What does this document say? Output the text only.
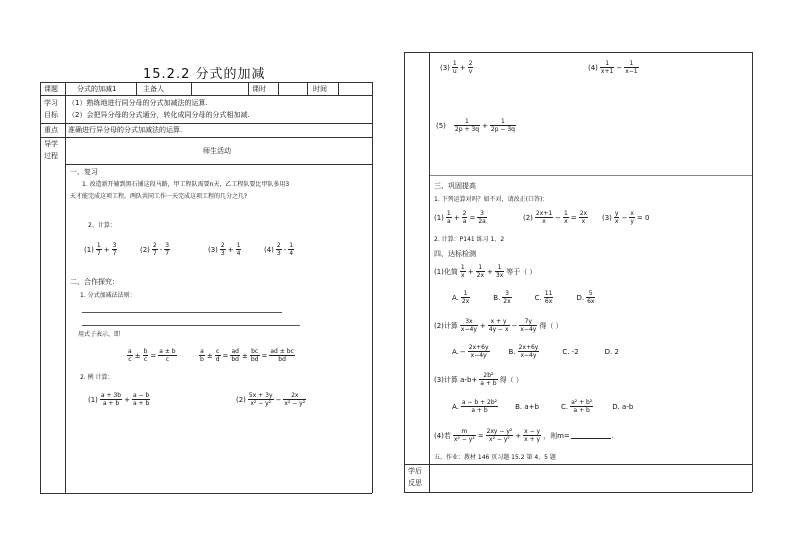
15.2.2 分式的加减
课题	分式的加减1	主备人	课时	时间
学习
目标
（1）熟练地进行同分母的分式加减法的运算.
（2）会把异分母的分式通分，转化成同分母的分式相加减.
重点 准确进行异分母的分式加减法的运算.
导学
过程
师生活动
一、复习
1. 改造新开辅到黑石铺这段马路，甲工程队需要n天，乙工程队要比甲队多用3
天才能完成这项工程，两队共同工作一天完成这项工程的几分之几?
2、计算：
$(1) \frac{1}{7} + \frac{3}{7}$	$(2) \frac{2}{7} - \frac{3}{7}$	$(3) \frac{2}{3} + \frac{1}{4}$	$(4) \frac{2}{3} - \frac{1}{4}$
二、合作探究：
1. 分式加减法法则：
用式子表示，即
$\frac{a}{c} \pm \frac{b}{c} = \frac{a \pm b}{c}$	$\frac{a}{b} \pm \frac{c}{d} = \frac{ad}{bd} \pm \frac{bc}{bd} = \frac{ad \pm bc}{bd}$
2. 例 计算：
$(1) \frac{a + 3b}{a + b} + \frac{a - b}{a + b}$	$(2) \frac{5x + 3y}{\text{x² − y²}} - \frac{2x}{\text{x² − y²}}$
$(3) \frac{1}{u} + \frac{2}{v}$	$(4) \frac{1}{x+1} - \frac{1}{x-1}$
$(5) \frac{1}{2p + 3q} + \frac{1}{2p - 3q}$
三、巩固提高
1. 下列运算对吗？如不对，请改正(口答)：
$(1) \frac{1}{a} + \frac{2}{a} = \frac{3}{2a}$	$(2) \frac{2x+1}{x} - \frac{1}{x} = \frac{2x}{x} (3) \frac{y}{x} - \frac{x}{y} = 0$
2. 计算：P141 练习 1、2
四、达标检测
(1)化简 $\frac{1}{x} + \frac{1}{2x} + \frac{1}{3x}$ 等于（ ）
A. $\frac{1}{2x}$	B. $\frac{3}{2x}$	C. $\frac{11}{6x}$	D. $\frac{5}{6x}$
(2)计算 $\frac{3x}{x-4y} + \frac{x + y}{4y - x} - \frac{7y}{x-4y}$ 得（ ）
A. − $\frac{2x+6y}{x-4y}$	B. $\frac{2x+6y}{x-4y}$	C. -2	D. 2
(3)计算 $a-b+ \frac{\text{2b²}}{a + b}$ 得（ ）
A. $\frac{\text{a − b + 2b²}}{a + b} B$. a+b	C. $\frac{\text{a² + b²}}{a + b}$	D. a-b
(4)若 $\frac{m}{\text{x² − y²}} = \frac{\text{2xy − y²}}{\text{x² − y²}} + \frac{x - y}{x + y}$ ，则m=	.
五、作业：教材 146 页习题 15.2 第 4、5 题
学后
反思
